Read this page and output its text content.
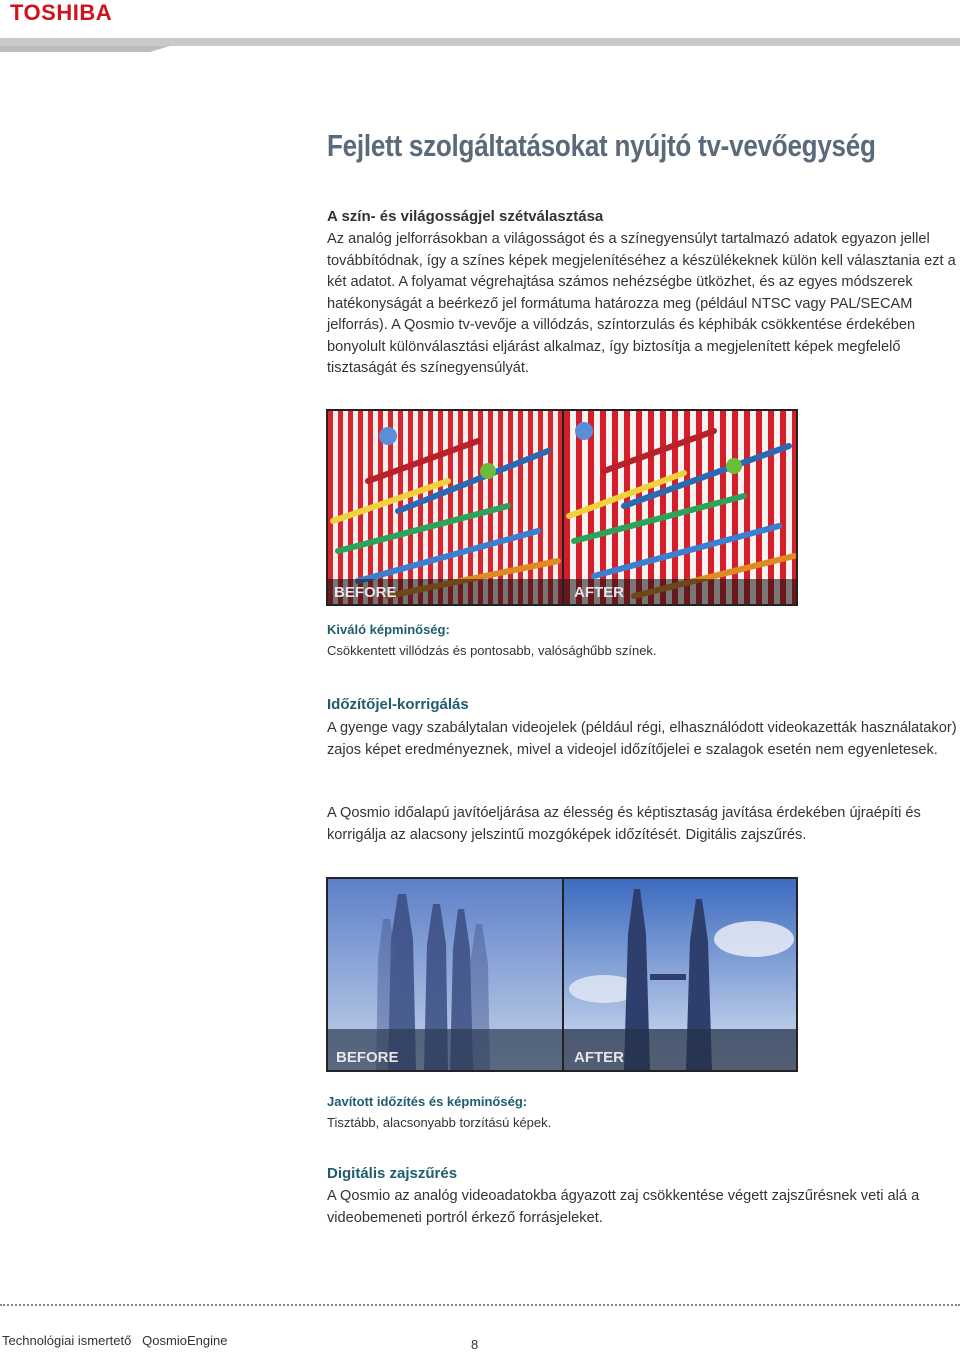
TOSHIBA
Fejlett szolgáltatásokat nyújtó tv-vevőegység
A szín- és világosságjel szétválasztása
Az analóg jelforrásokban a világosságot és a színegyensúlyt tartalmazó adatok egyazon jellel továbbítódnak, így a színes képek megjelenítéséhez a készülékeknek külön kell választania ezt a két adatot. A folyamat végrehajtása számos nehézségbe ütközhet, és az egyes módszerek hatékonyságát a beérkező jel formátuma határozza meg (például NTSC vagy PAL/SECAM jelforrás). A Qosmio tv-vevője a villódzás, színtorzulás és képhibák csökkentése érdekében bonyolult különválasztási eljárást alkalmaz, így biztosítja a megjelenített képek megfelelő tisztaságát és színegyensúlyát.
BEFORE	AFTER
Kiváló képminőség:
Csökkentett villódzás és pontosabb, valósághűbb színek.
Időzítőjel-korrigálás
A gyenge vagy szabálytalan videojelek (például régi, elhasználódott videokazetták használatakor) zajos képet eredményeznek, mivel a videojel időzítőjelei e szalagok esetén nem egyenletesek.
A Qosmio időalapú javítóeljárása az élesség és képtisztaság javítása érdekében újraépíti és korrigálja az alacsony jelszintű mozgóképek időzítését. Digitális zajszűrés.
BEFORE	AFTER
Javított időzítés és képminőség:
Tisztább, alacsonyabb torzítású képek.
Digitális zajszűrés
A Qosmio az analóg videoadatokba ágyazott zaj csökkentése végett zajszűrésnek veti alá a videobemeneti portról érkező forrásjeleket.
Technológiai ismertető   QosmioEngine	8
